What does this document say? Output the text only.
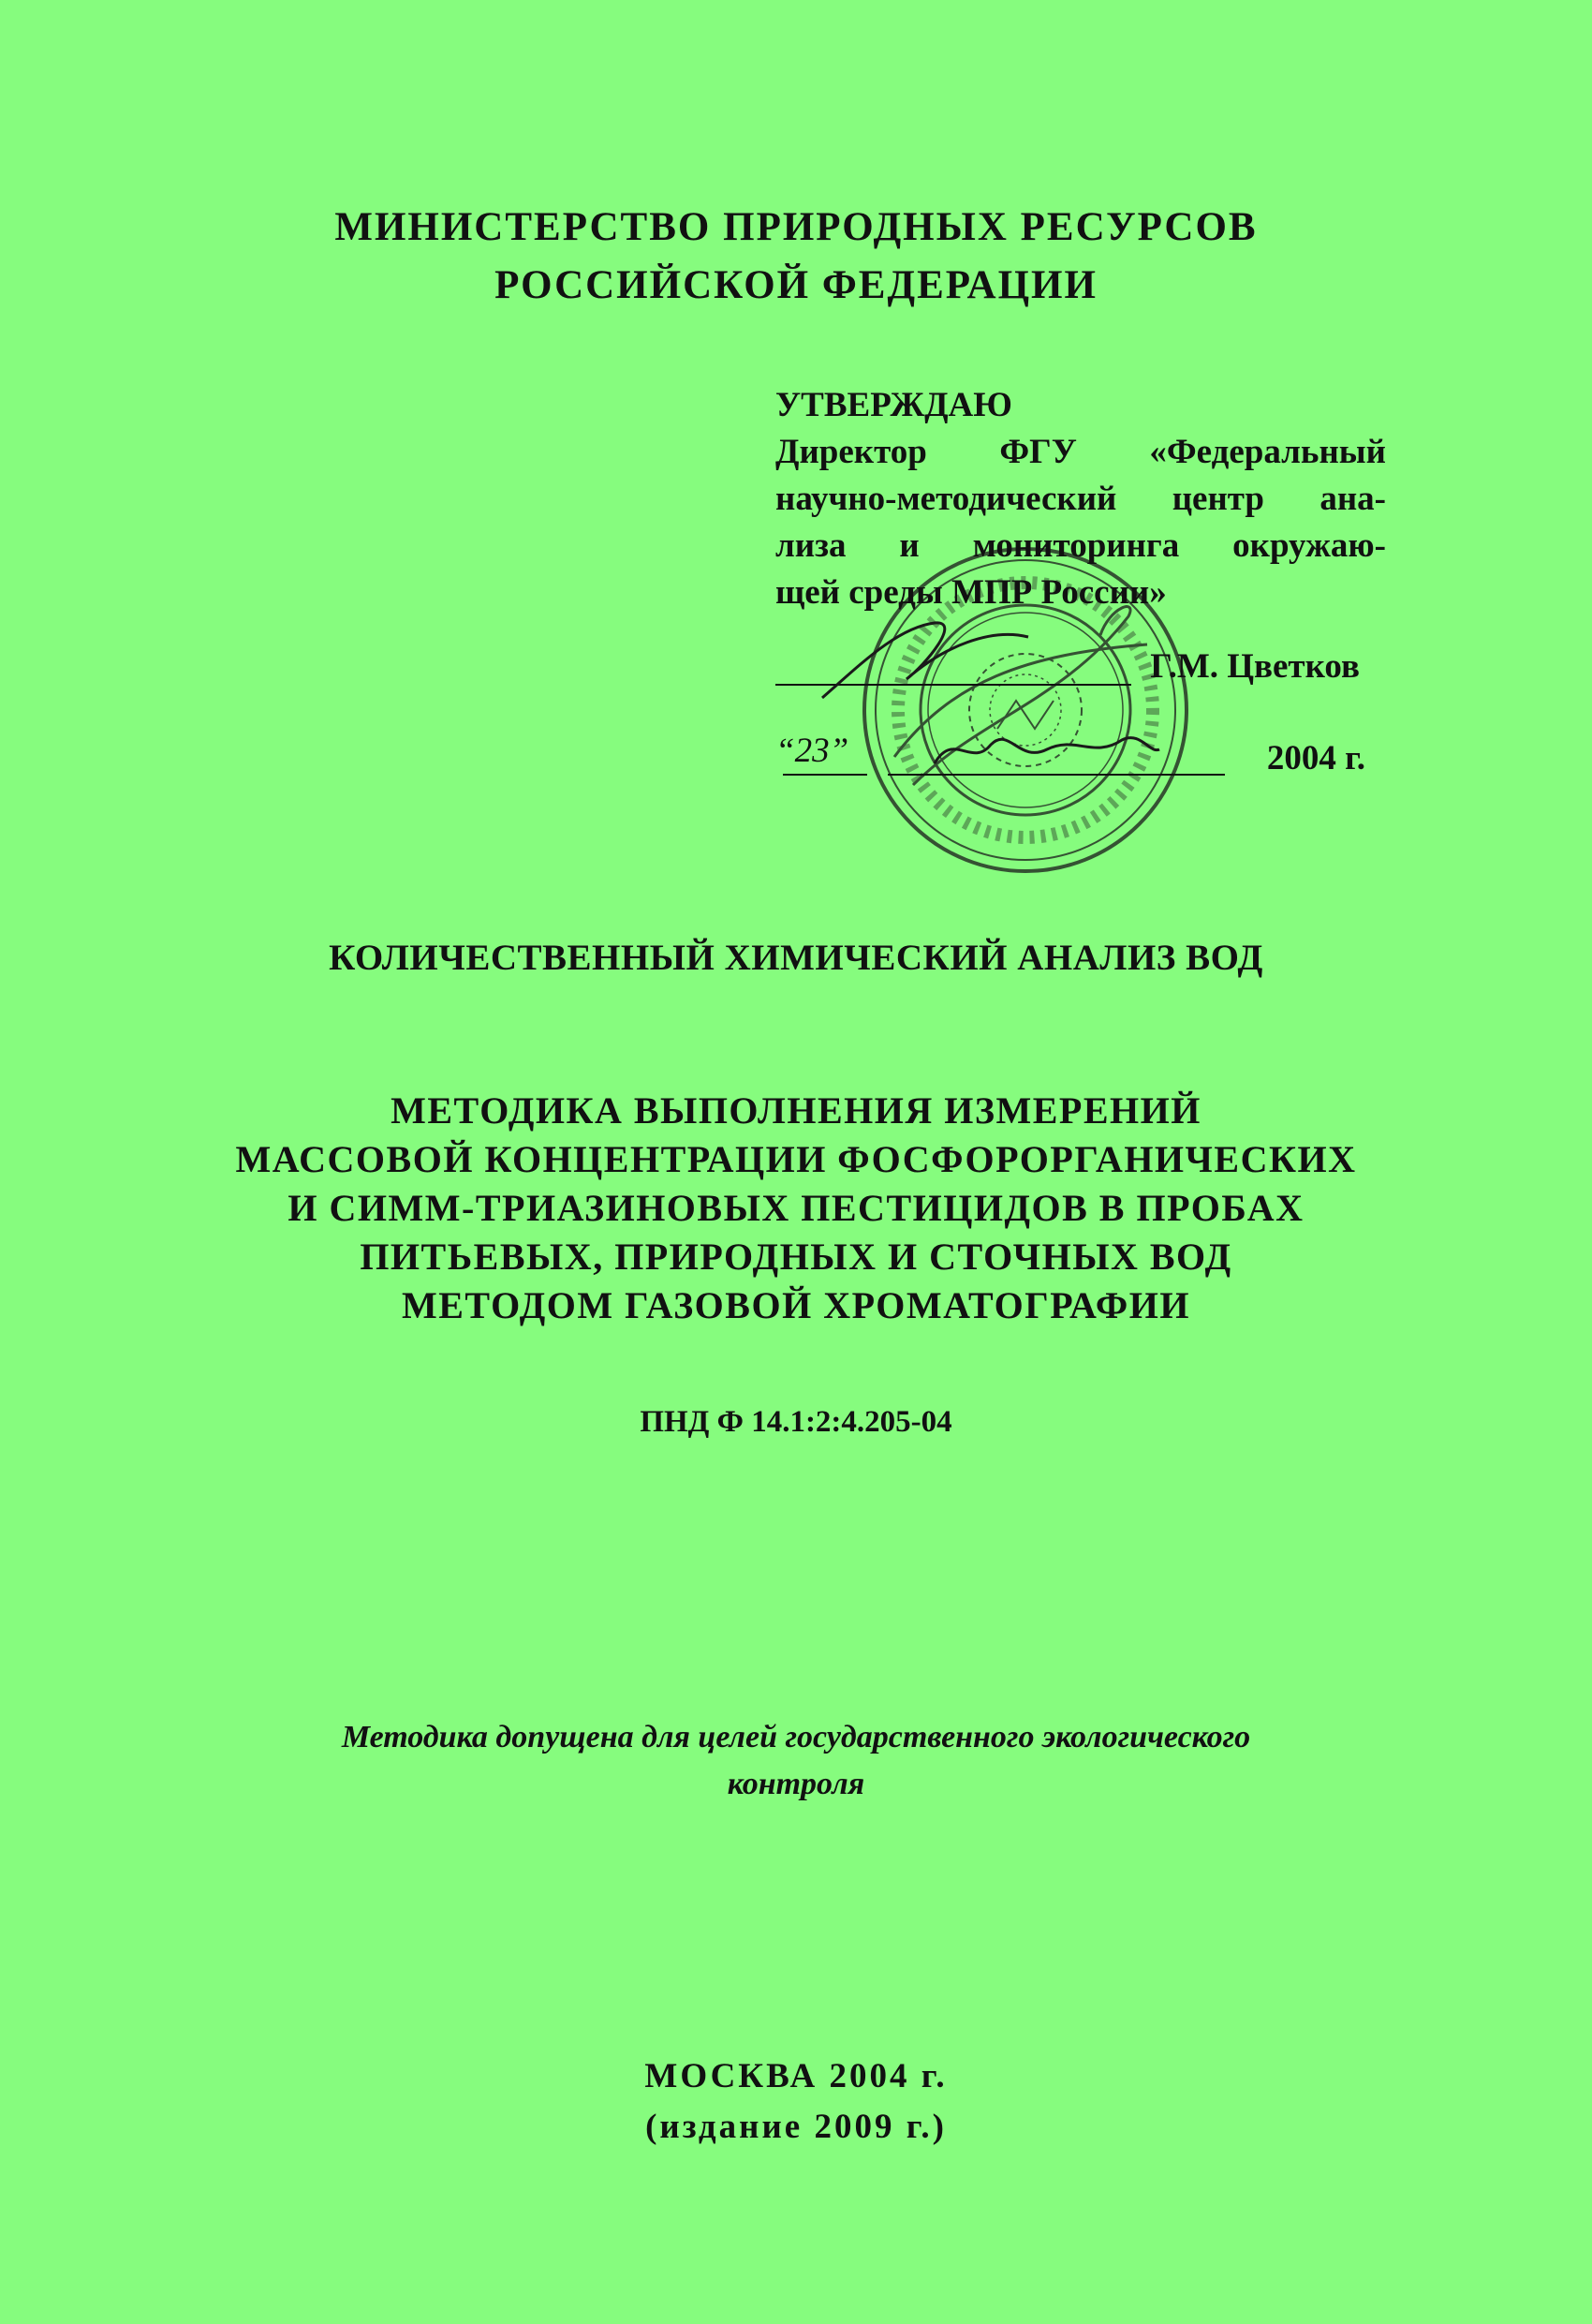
МИНИСТЕРСТВО ПРИРОДНЫХ РЕСУРСОВ
РОССИЙСКОЙ ФЕДЕРАЦИИ
УТВЕРЖДАЮ
Директор ФГУ «Федеральный
научно-методический центр ана-
лиза и мониторинга окружаю-
щей среды МПР России»
Г.М. Цветков
“23”	2004 г.
КОЛИЧЕСТВЕННЫЙ ХИМИЧЕСКИЙ АНАЛИЗ ВОД
МЕТОДИКА ВЫПОЛНЕНИЯ ИЗМЕРЕНИЙ
МАССОВОЙ КОНЦЕНТРАЦИИ ФОСФОРОРГАНИЧЕСКИХ
И СИММ-ТРИАЗИНОВЫХ ПЕСТИЦИДОВ В ПРОБАХ
ПИТЬЕВЫХ, ПРИРОДНЫХ И СТОЧНЫХ ВОД
МЕТОДОМ ГАЗОВОЙ ХРОМАТОГРАФИИ
ПНД Ф 14.1:2:4.205-04
Методика допущена для целей государственного экологического
контроля
МОСКВА 2004 г.
(издание 2009 г.)
